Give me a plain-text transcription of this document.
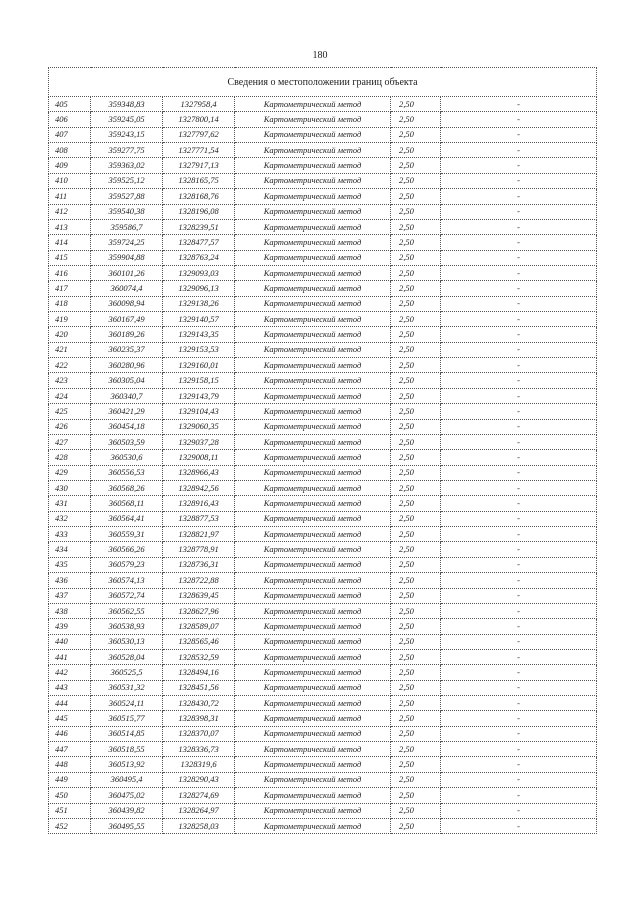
180
Сведения о местоположении границ объекта					
405	359348,83	1327958,4	Картометрический метод	2,50	-
406	359245,05	1327800,14	Картометрический метод	2,50	-
407	359243,15	1327797,62	Картометрический метод	2,50	-
408	359277,75	1327771,54	Картометрический метод	2,50	-
409	359363,02	1327917,13	Картометрический метод	2,50	-
410	359525,12	1328165,75	Картометрический метод	2,50	-
411	359527,88	1328168,76	Картометрический метод	2,50	-
412	359540,38	1328196,08	Картометрический метод	2,50	-
413	359586,7	1328239,51	Картометрический метод	2,50	-
414	359724,25	1328477,57	Картометрический метод	2,50	-
415	359904,88	1328763,24	Картометрический метод	2,50	-
416	360101,26	1329093,03	Картометрический метод	2,50	-
417	360074,4	1329096,13	Картометрический метод	2,50	-
418	360098,94	1329138,26	Картометрический метод	2,50	-
419	360167,49	1329140,57	Картометрический метод	2,50	-
420	360189,26	1329143,35	Картометрический метод	2,50	-
421	360235,37	1329153,53	Картометрический метод	2,50	-
422	360280,96	1329160,01	Картометрический метод	2,50	-
423	360305,04	1329158,15	Картометрический метод	2,50	-
424	360340,7	1329143,79	Картометрический метод	2,50	-
425	360421,29	1329104,43	Картометрический метод	2,50	-
426	360454,18	1329060,35	Картометрический метод	2,50	-
427	360503,59	1329037,28	Картометрический метод	2,50	-
428	360530,6	1329008,11	Картометрический метод	2,50	-
429	360556,53	1328966,43	Картометрический метод	2,50	-
430	360568,26	1328942,56	Картометрический метод	2,50	-
431	360568,11	1328916,43	Картометрический метод	2,50	-
432	360564,41	1328877,53	Картометрический метод	2,50	-
433	360559,31	1328821,97	Картометрический метод	2,50	-
434	360566,26	1328778,91	Картометрический метод	2,50	-
435	360579,23	1328736,31	Картометрический метод	2,50	-
436	360574,13	1328722,88	Картометрический метод	2,50	-
437	360572,74	1328639,45	Картометрический метод	2,50	-
438	360562,55	1328627,96	Картометрический метод	2,50	-
439	360538,93	1328589,07	Картометрический метод	2,50	-
440	360530,13	1328565,46	Картометрический метод	2,50	-
441	360528,04	1328532,59	Картометрический метод	2,50	-
442	360525,5	1328494,16	Картометрический метод	2,50	-
443	360531,32	1328451,56	Картометрический метод	2,50	-
444	360524,11	1328430,72	Картометрический метод	2,50	-
445	360515,77	1328398,31	Картометрический метод	2,50	-
446	360514,85	1328370,07	Картометрический метод	2,50	-
447	360518,55	1328336,73	Картометрический метод	2,50	-
448	360513,92	1328319,6	Картометрический метод	2,50	-
449	360495,4	1328290,43	Картометрический метод	2,50	-
450	360475,02	1328274,69	Картометрический метод	2,50	-
451	360439,82	1328264,97	Картометрический метод	2,50	-
452	360495,55	1328258,03	Картометрический метод	2,50	-
